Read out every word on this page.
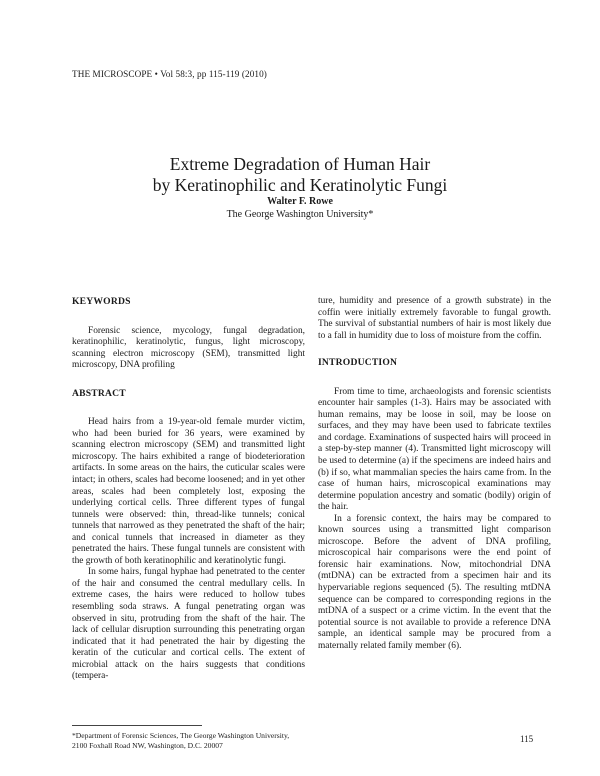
THE MICROSCOPE • Vol 58:3, pp 115-119 (2010)
Extreme Degradation of Human Hair
by Keratinophilic and Keratinolytic Fungi
Walter F. Rowe
The George Washington University*

KEYWORDS

Forensic science, mycology, fungal degradation, keratinophilic, keratinolytic, fungus, light microscopy, scanning electron microscopy (SEM), transmitted light microscopy, DNA profiling

ABSTRACT

Head hairs from a 19-year-old female murder victim, who had been buried for 36 years, were examined by scanning electron microscopy (SEM) and transmitted light microscopy. The hairs exhibited a range of biodeterioration artifacts. In some areas on the hairs, the cuticular scales were intact; in others, scales had become loosened; and in yet other areas, scales had been completely lost, exposing the underlying cortical cells. Three different types of fungal tunnels were observed: thin, thread-like tunnels; conical tunnels that narrowed as they penetrated the shaft of the hair; and conical tunnels that increased in diameter as they penetrated the hairs. These fungal tunnels are consistent with the growth of both keratinophilic and keratinolytic fungi.

In some hairs, fungal hyphae had penetrated to the center of the hair and consumed the central medullary cells. In extreme cases, the hairs were reduced to hollow tubes resembling soda straws. A fungal penetrating organ was observed in situ, protruding from the shaft of the hair. The lack of cellular disruption surrounding this penetrating organ indicated that it had penetrated the hair by digesting the keratin of the cuticular and cortical cells. The extent of microbial attack on the hairs suggests that conditions (tempera-

ture, humidity and presence of a growth substrate) in the coffin were initially extremely favorable to fungal growth. The survival of substantial numbers of hair is most likely due to a fall in humidity due to loss of moisture from the coffin.

INTRODUCTION

From time to time, archaeologists and forensic scientists encounter hair samples (1-3). Hairs may be associated with human remains, may be loose in soil, may be loose on surfaces, and they may have been used to fabricate textiles and cordage. Examinations of suspected hairs will proceed in a step-by-step manner (4). Transmitted light microscopy will be used to determine (a) if the specimens are indeed hairs and (b) if so, what mammalian species the hairs came from. In the case of human hairs, microscopical examinations may determine population ancestry and somatic (bodily) origin of the hair.

In a forensic context, the hairs may be compared to known sources using a transmitted light comparison microscope. Before the advent of DNA profiling, microscopical hair comparisons were the end point of forensic hair examinations. Now, mitochondrial DNA (mtDNA) can be extracted from a specimen hair and its hypervariable regions sequenced (5). The resulting mtDNA sequence can be compared to corresponding regions in the mtDNA of a suspect or a crime victim. In the event that the potential source is not available to provide a reference DNA sample, an identical sample may be procured from a maternally related family member (6).

*Department of Forensic Sciences, The George Washington University,
2100 Foxhall Road NW, Washington, D.C. 20007
115
